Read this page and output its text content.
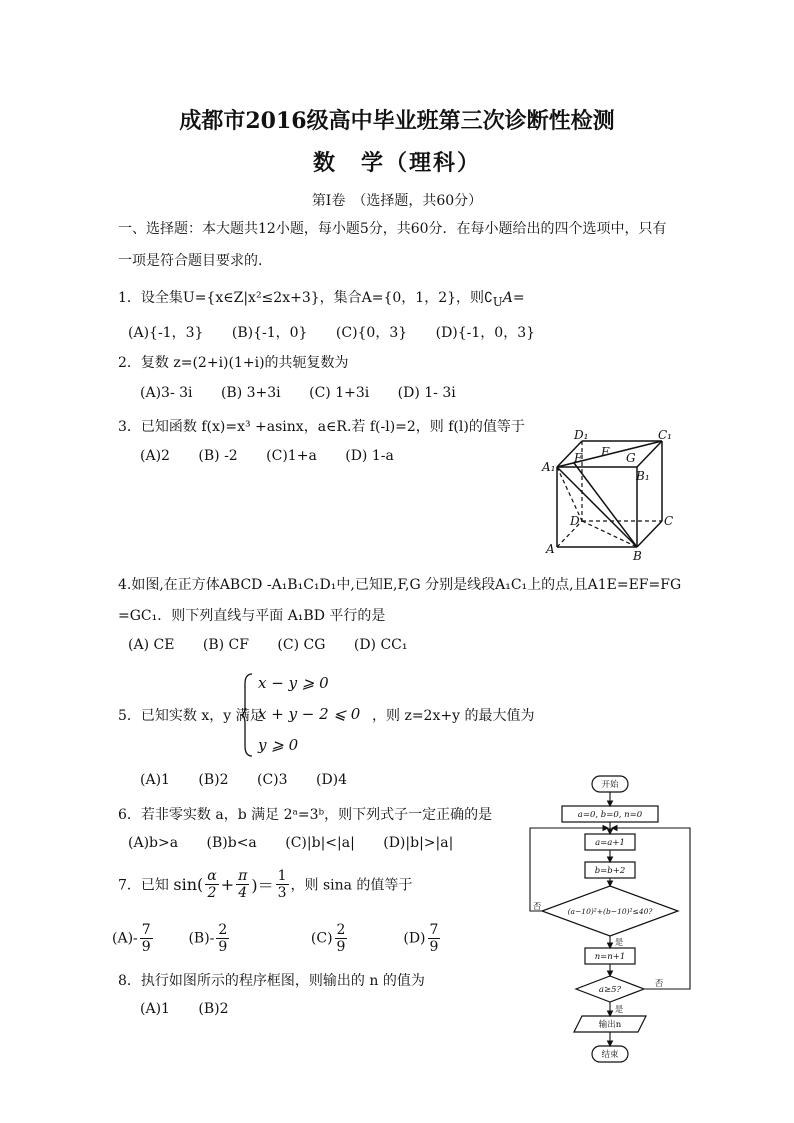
成都市2016级高中毕业班第三次诊断性检测
数　学（理科）
第Ⅰ卷　（选择题，共60分）
一、选择题：本大题共12小题，每小题5分，共60分．在每小题给出的四个选项中，只有
一项是符合题目要求的.
1．设全集U={x∈Z|x²≤2x+3}，集合A={0，1，2}，则$∁_UA=$
(A){-1，3} (B){-1，0} (C){0，3} (D){-1，0，3}
2．复数 z=(2+i)(1+i)的共轭复数为
(A)3- 3i (B) 3+3i (C) 1+3i (D) 1- 3i
3．已知函数 f(x)=x³ +asinx，a∈R.若 f(-l)=2，则 f(l)的值等于
(A)2 (B) -2 (C)1+a (D) 1-a
D₁	C₁
A₁
E F G
B₁
D	C
A	B
4.如图,在正方体ABCD -A₁B₁C₁D₁中,已知E,F,G 分别是线段A₁C₁上的点,且A1E=EF=FG
=GC₁．则下列直线与平面 A₁BD 平行的是
(A) CE (B) CF (C) CG (D) CC₁
5．已知实数 x，y 满足
x − y ⩾ 0
x + y − 2 ⩽ 0
y ⩾ 0
，则 z=2x+y 的最大值为
(A)1 (B)2 (C)3 (D)4
6．若非零实数 a，b 满足 2ᵃ=3ᵇ，则下列式子一定正确的是
(A)b>a (B)b<a (C)|b|<|a| (D)|b|>|a|
7．已知 $\sin( \frac{\alpha}{2} + \frac{\pi}{4}$ )＝ $\frac{1}{3}$ ，则 sina 的值等于
$(A)- \frac{7}{9}$	$(B)- \frac{2}{9}$	$(C) \frac{2}{9}$	$(D) \frac{7}{9}$
8．执行如图所示的程序框图，则输出的 n 的值为
(A)1 (B)2
开始
a=0, b=0, n=0
a=a+1
b=b+2
(a−10)²+(b−10)²≤40?
n=n+1
a≥5?
输出n
结束
是
是
否
否
